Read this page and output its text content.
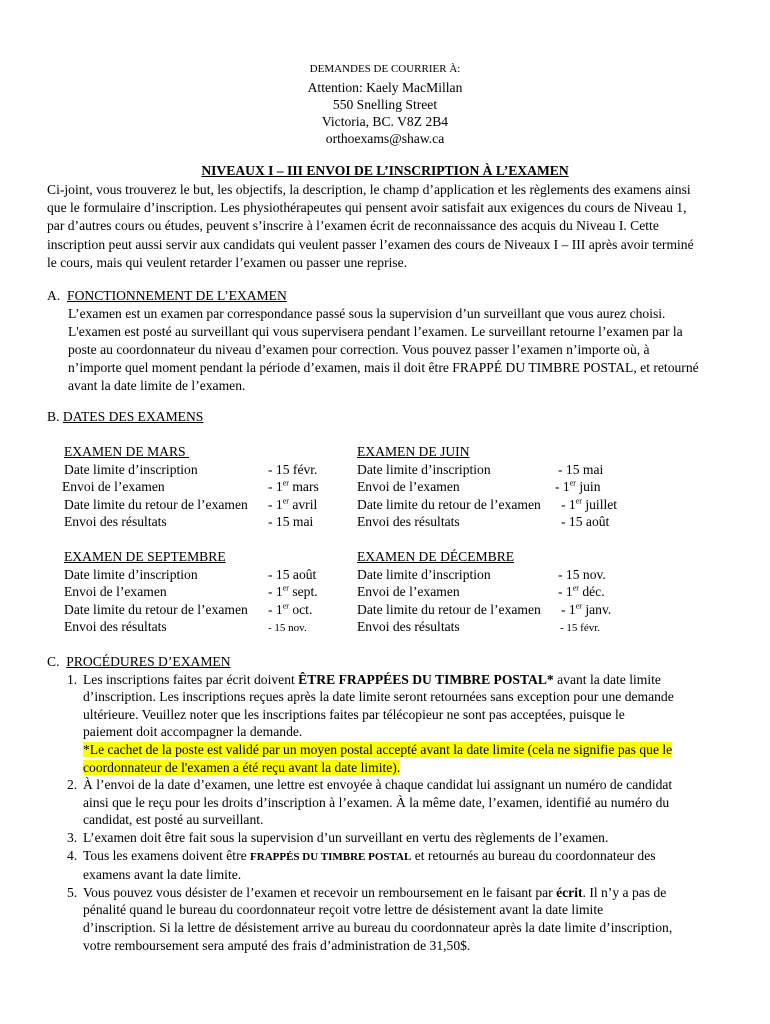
DEMANDES DE COURRIER À:
Attention: Kaely MacMillan
550 Snelling Street
Victoria, BC. V8Z 2B4
orthoexams@shaw.ca
NIVEAUX I – III ENVOI DE L’INSCRIPTION À L’EXAMEN
Ci-joint, vous trouverez le but, les objectifs, la description, le champ d’application et les règlements des examens ainsi
que le formulaire d’inscription. Les physiothérapeutes qui pensent avoir satisfait aux exigences du cours de Niveau 1,
par d’autres cours ou études, peuvent s’inscrire à l’examen écrit de reconnaissance des acquis du Niveau I. Cette
inscription peut aussi servir aux candidats qui veulent passer l’examen des cours de Niveaux I – III après avoir terminé
le cours, mais qui veulent retarder l’examen ou passer une reprise.
A.  FONCTIONNEMENT DE L’EXAMEN
L’examen est un examen par correspondance passé sous la supervision d’un surveillant que vous aurez choisi.
L'examen est posté au surveillant qui vous supervisera pendant l’examen. Le surveillant retourne l’examen par la
poste au coordonnateur du niveau d’examen pour correction. Vous pouvez passer l’examen n’importe où, à
n’importe quel moment pendant la période d’examen, mais il doit être FRAPPÉ DU TIMBRE POSTAL, et retourné
avant la date limite de l’examen.
B. DATES DES EXAMENS
EXAMEN DE MARS
Date limite d’inscription	- 15 févr.
Envoi de l’examen	- 1er mars
Date limite du retour de l’examen	- 1er avril
Envoi des résultats	- 15 mai
EXAMEN DE JUIN
Date limite d’inscription	- 15 mai
Envoi de l’examen	- 1er juin
Date limite du retour de l’examen	- 1er juillet
Envoi des résultats	- 15 août
EXAMEN DE SEPTEMBRE
Date limite d’inscription	- 15 août
Envoi de l’examen	- 1er sept.
Date limite du retour de l’examen	- 1er oct.
Envoi des résultats	- 15 nov.
EXAMEN DE DÉCEMBRE
Date limite d’inscription	- 15 nov.
Envoi de l’examen	- 1er déc.
Date limite du retour de l’examen	- 1er janv.
Envoi des résultats	- 15 févr.
C.  PROCÉDURES D’EXAMEN
1. Les inscriptions faites par écrit doivent ÊTRE FRAPPÉES DU TIMBRE POSTAL* avant la date limite
d’inscription. Les inscriptions reçues après la date limite seront retournées sans exception pour une demande
ultérieure. Veuillez noter que les inscriptions faites par télécopieur ne sont pas acceptées, puisque le
paiement doit accompagner la demande.
*Le cachet de la poste est validé par un moyen postal accepté avant la date limite (cela ne signifie pas que le
coordonnateur de l'examen a été reçu avant la date limite).
2. À l’envoi de la date d’examen, une lettre est envoyée à chaque candidat lui assignant un numéro de candidat
ainsi que le reçu pour les droits d’inscription à l’examen. À la même date, l’examen, identifié au numéro du
candidat, est posté au surveillant.
3. L’examen doit être fait sous la supervision d’un surveillant en vertu des règlements de l’examen.
4. Tous les examens doivent être FRAPPÉS DU TIMBRE POSTAL et retournés au bureau du coordonnateur des
examens avant la date limite.
5. Vous pouvez vous désister de l’examen et recevoir un remboursement en le faisant par écrit. Il n’y a pas de
pénalité quand le bureau du coordonnateur reçoit votre lettre de désistement avant la date limite
d’inscription. Si la lettre de désistement arrive au bureau du coordonnateur après la date limite d’inscription,
votre remboursement sera amputé des frais d’administration de 31,50$.
